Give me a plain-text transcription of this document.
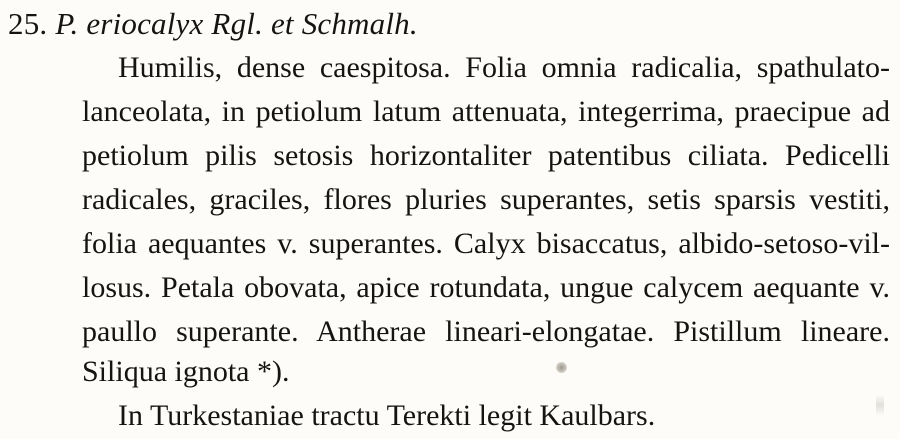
25. P. eriocalyx Rgl. et Schmalh.
Humilis, dense caespitosa. Folia omnia radicalia, spathulato-
lanceolata, in petiolum latum attenuata, integerrima, praecipue ad
petiolum pilis setosis horizontaliter patentibus ciliata. Pedicelli
radicales, graciles, flores pluries superantes, setis sparsis vestiti,
folia aequantes v. superantes. Calyx bisaccatus, albido-setoso-vil-
losus. Petala obovata, apice rotundata, ungue calycem aequante v.
paullo superante. Antherae lineari-elongatae. Pistillum lineare.
Siliqua ignota *).
In Turkestaniae tractu Terekti legit Kaulbars.
